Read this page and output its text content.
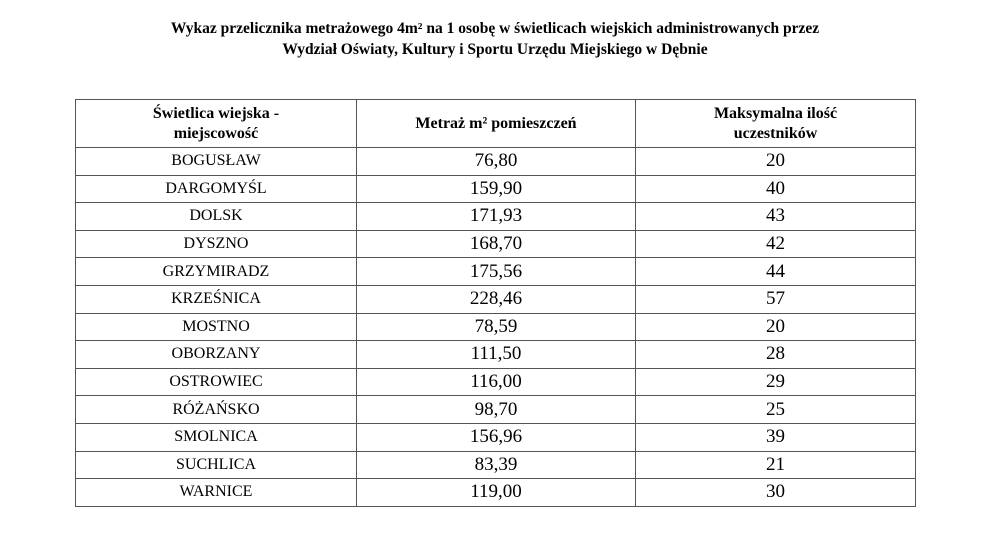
Wykaz przelicznika metrażowego 4m² na 1 osobę w świetlicach wiejskich administrowanych przez
Wydział Oświaty, Kultury i Sportu Urzędu Miejskiego w Dębnie
Świetlica wiejska -
miejscowość	Metraż m² pomieszczeń	Maksymalna ilość
uczestników
BOGUSŁAW	76,80	20
DARGOMYŚL	159,90	40
DOLSK	171,93	43
DYSZNO	168,70	42
GRZYMIRADZ	175,56	44
KRZEŚNICA	228,46	57
MOSTNO	78,59	20
OBORZANY	111,50	28
OSTROWIEC	116,00	29
RÓŻAŃSKO	98,70	25
SMOLNICA	156,96	39
SUCHLICA	83,39	21
WARNICE	119,00	30
